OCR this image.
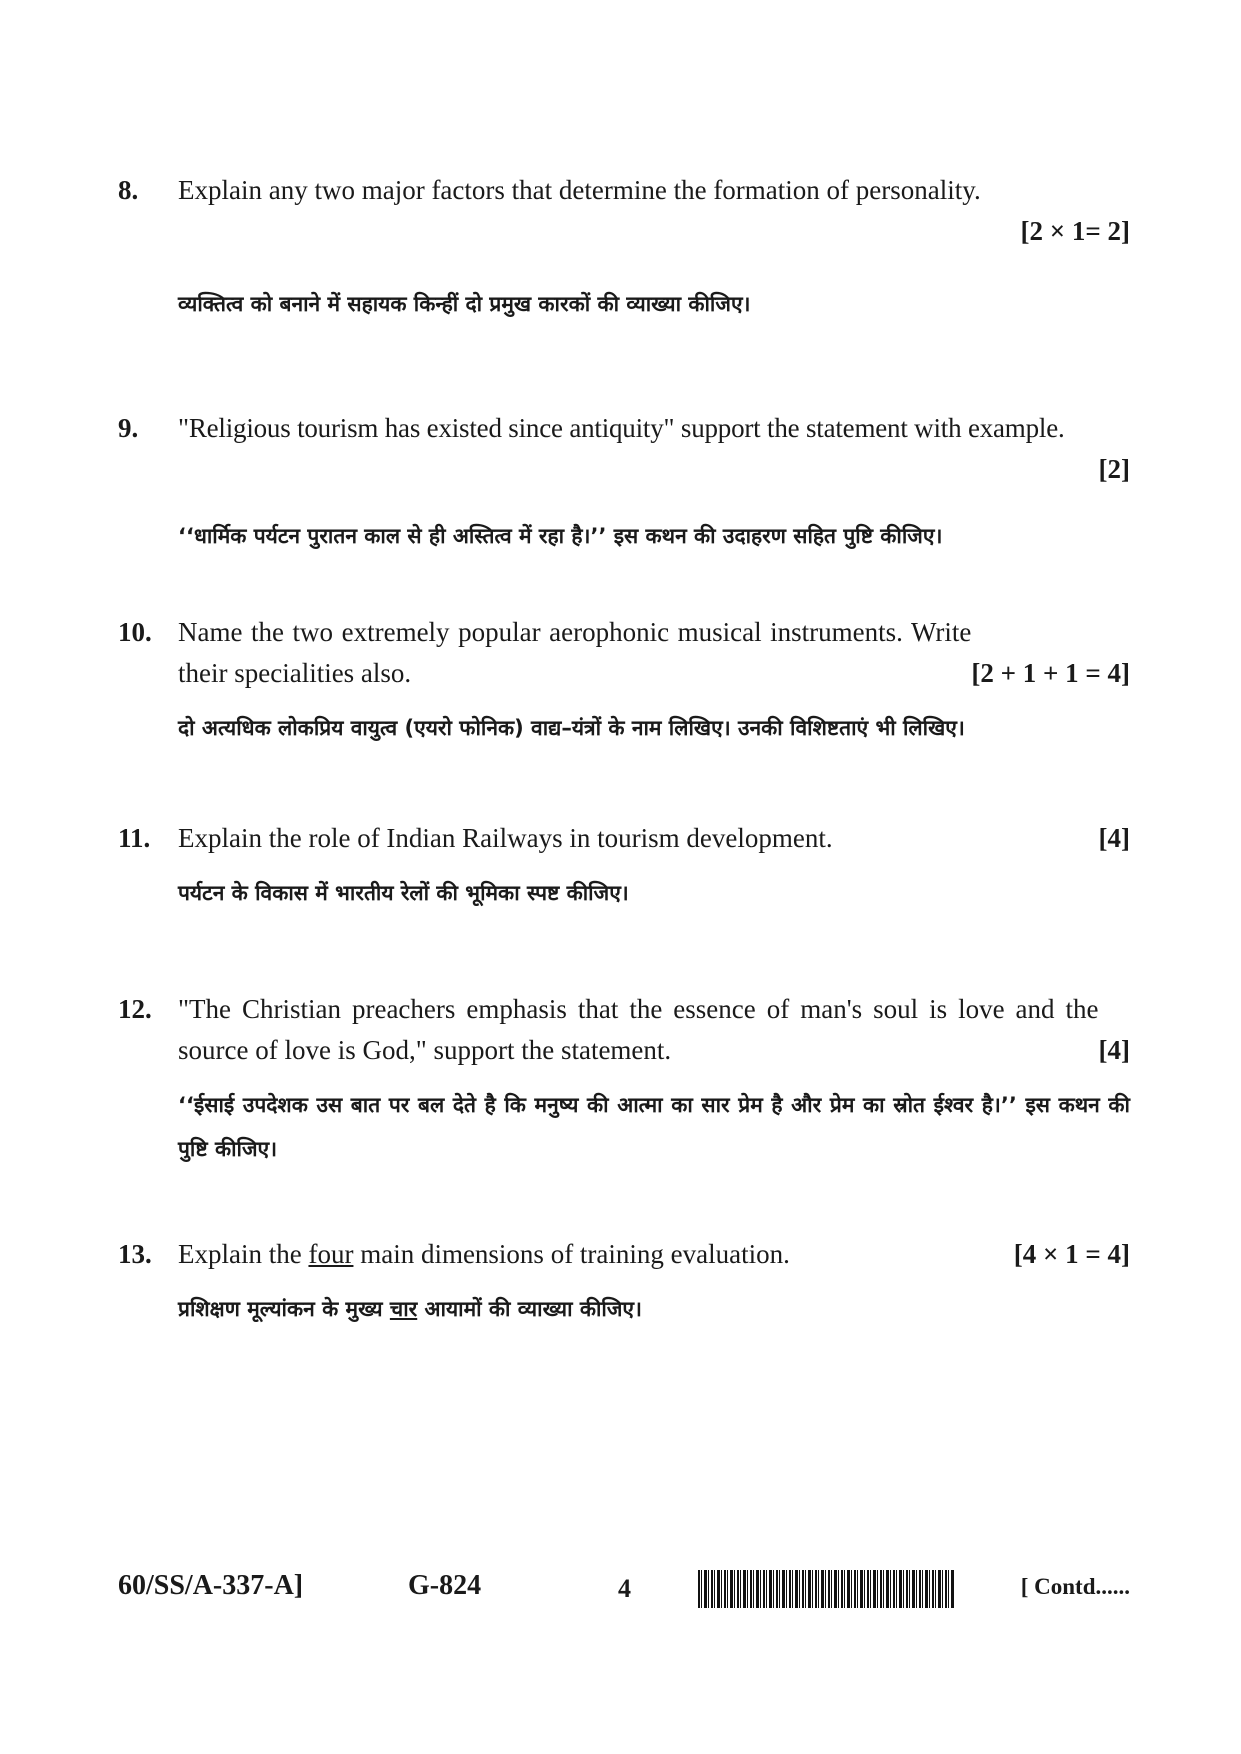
8. Explain any two major factors that determine the formation of personality.
[2 × 1= 2]
व्यक्तित्व को बनाने में सहायक किन्हीं दो प्रमुख कारकों की व्याख्या कीजिए।
9. "Religious tourism has existed since antiquity" support the statement with example.
[2]
‘‘धार्मिक पर्यटन पुरातन काल से ही अस्तित्व में रहा है।’’ इस कथन की उदाहरण सहित पुष्टि कीजिए।
10.
[2 + 1 + 1 = 4]
Name the two extremely popular aerophonic musical instruments. Write their specialities also.
दो अत्यधिक लोकप्रिय वायुत्व (एयरो फोनिक) वाद्य–यंत्रों के नाम लिखिए। उनकी विशिष्टताएं भी लिखिए।
11.	[4]
Explain the role of Indian Railways in tourism development.
पर्यटन के विकास में भारतीय रेलों की भूमिका स्पष्ट कीजिए।
12.
[4]
"The Christian preachers emphasis that the essence of man's soul is love and the source of love is God," support the statement.
‘‘ईसाई उपदेशक उस बात पर बल देते है कि मनुष्य की आत्मा का सार प्रेम है और प्रेम का स्रोत ईश्वर है।’’ इस कथन की पुष्टि कीजिए।
13.	[4 × 1 = 4]
Explain the four main dimensions of training evaluation.
प्रशिक्षण मूल्यांकन के मुख्य चार आयामों की व्याख्या कीजिए।
60/SS/A-337-A]	G-824	4	[ Contd......
